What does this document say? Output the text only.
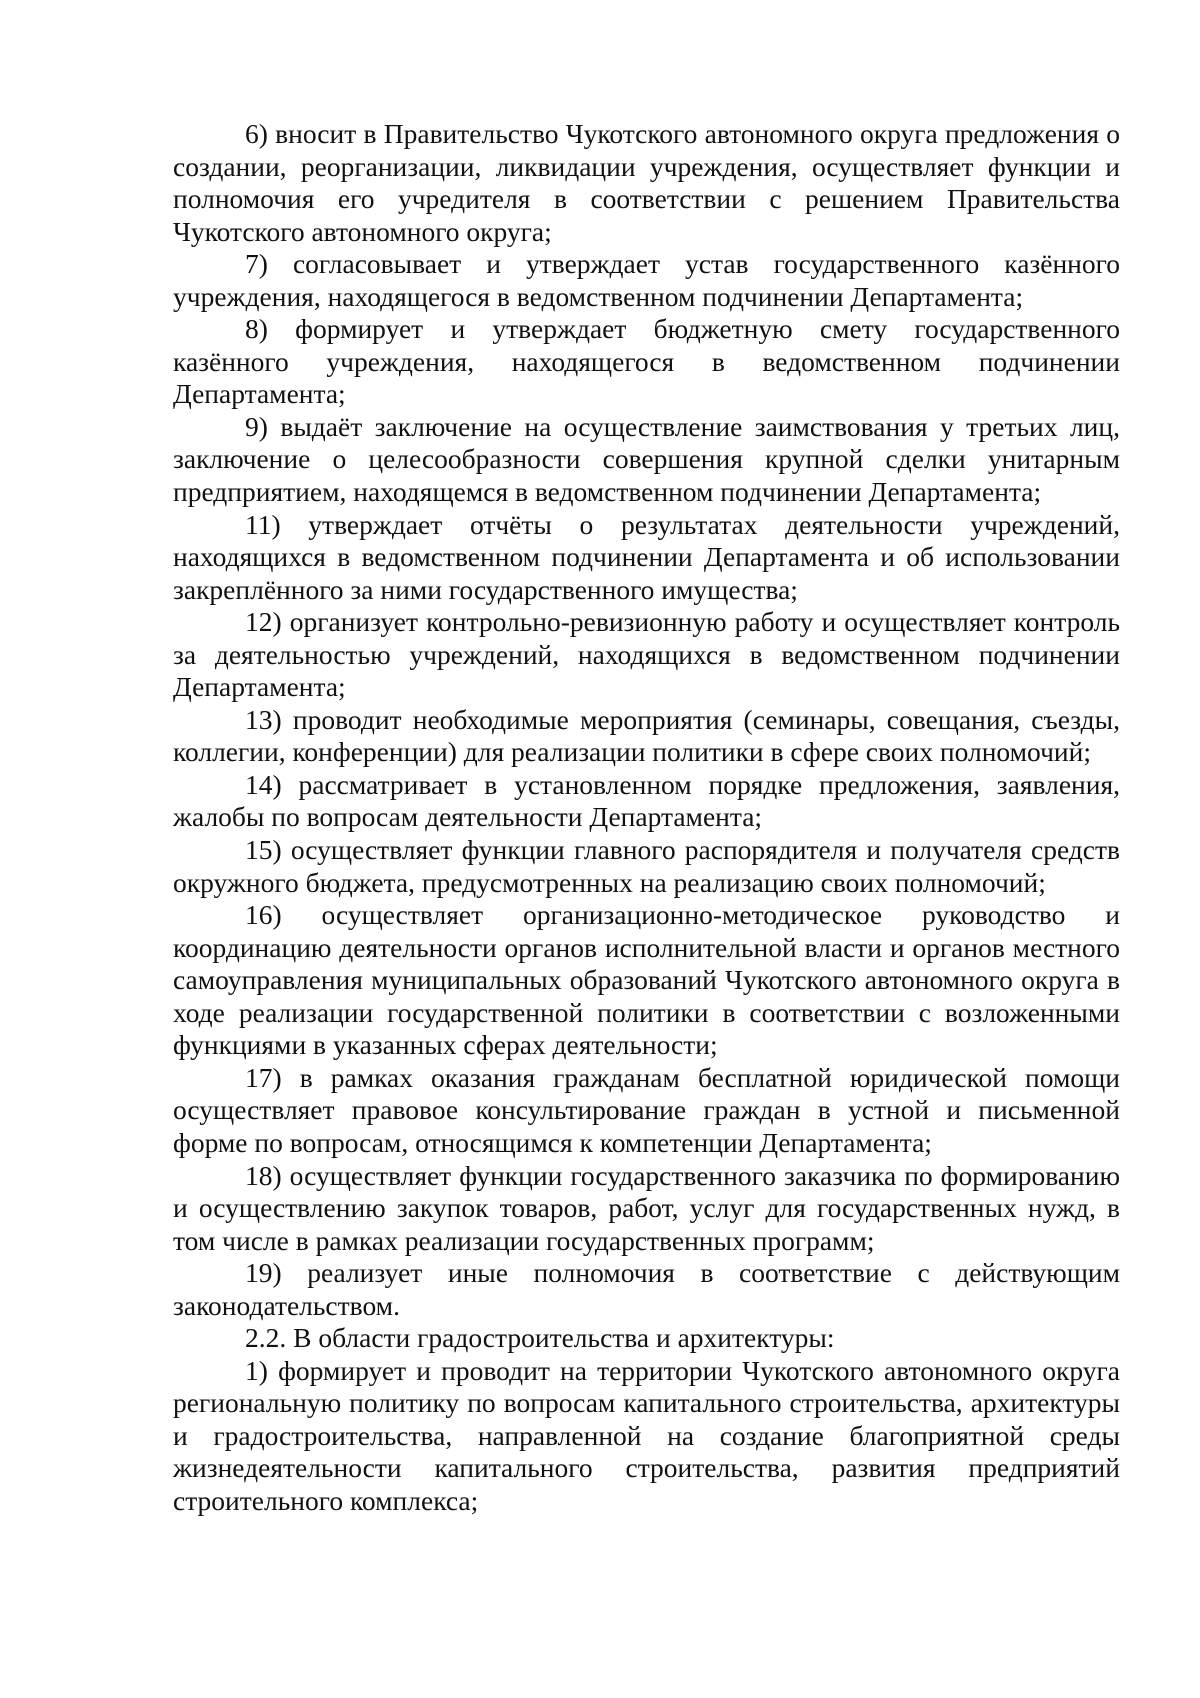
6) вносит в Правительство Чукотского автономного округа предложения о создании, реорганизации, ликвидации учреждения, осуществляет функции и полномочия его учредителя в соответствии с решением Правительства Чукотского автономного округа;

7) согласовывает и утверждает устав государственного казённого учреждения, находящегося в ведомственном подчинении Департамента;

8) формирует и утверждает бюджетную смету государственного казённого учреждения, находящегося в ведомственном подчинении Департамента;

9) выдаёт заключение на осуществление заимствования у третьих лиц, заключение о целесообразности совершения крупной сделки унитарным предприятием, находящемся в ведомственном подчинении Департамента;

11) утверждает отчёты о результатах деятельности учреждений, находящихся в ведомственном подчинении Департамента и об использовании закреплённого за ними государственного имущества;

12) организует контрольно-ревизионную работу и осуществляет контроль за деятельностью учреждений, находящихся в ведомственном подчинении Департамента;

13) проводит необходимые мероприятия (семинары, совещания, съезды, коллегии, конференции) для реализации политики в сфере своих полномочий;

14) рассматривает в установленном порядке предложения, заявления, жалобы по вопросам деятельности Департамента;

15) осуществляет функции главного распорядителя и получателя средств окружного бюджета, предусмотренных на реализацию своих полномочий;

16) осуществляет организационно-методическое руководство и координацию деятельности органов исполнительной власти и органов местного самоуправления муниципальных образований Чукотского автономного округа в ходе реализации государственной политики в соответствии с возложенными функциями в указанных сферах деятельности;

17) в рамках оказания гражданам бесплатной юридической помощи осуществляет правовое консультирование граждан в устной и письменной форме по вопросам, относящимся к компетенции Департамента;

18) осуществляет функции государственного заказчика по формированию и осуществлению закупок товаров, работ, услуг для государственных нужд, в том числе в рамках реализации государственных программ;

19) реализует иные полномочия в соответствие с действующим законодательством.

2.2. В области градостроительства и архитектуры:

1) формирует и проводит на территории Чукотского автономного округа региональную политику по вопросам капитального строительства, архитектуры и градостроительства, направленной на создание благоприятной среды жизнедеятельности капитального строительства, развития предприятий строительного комплекса;
